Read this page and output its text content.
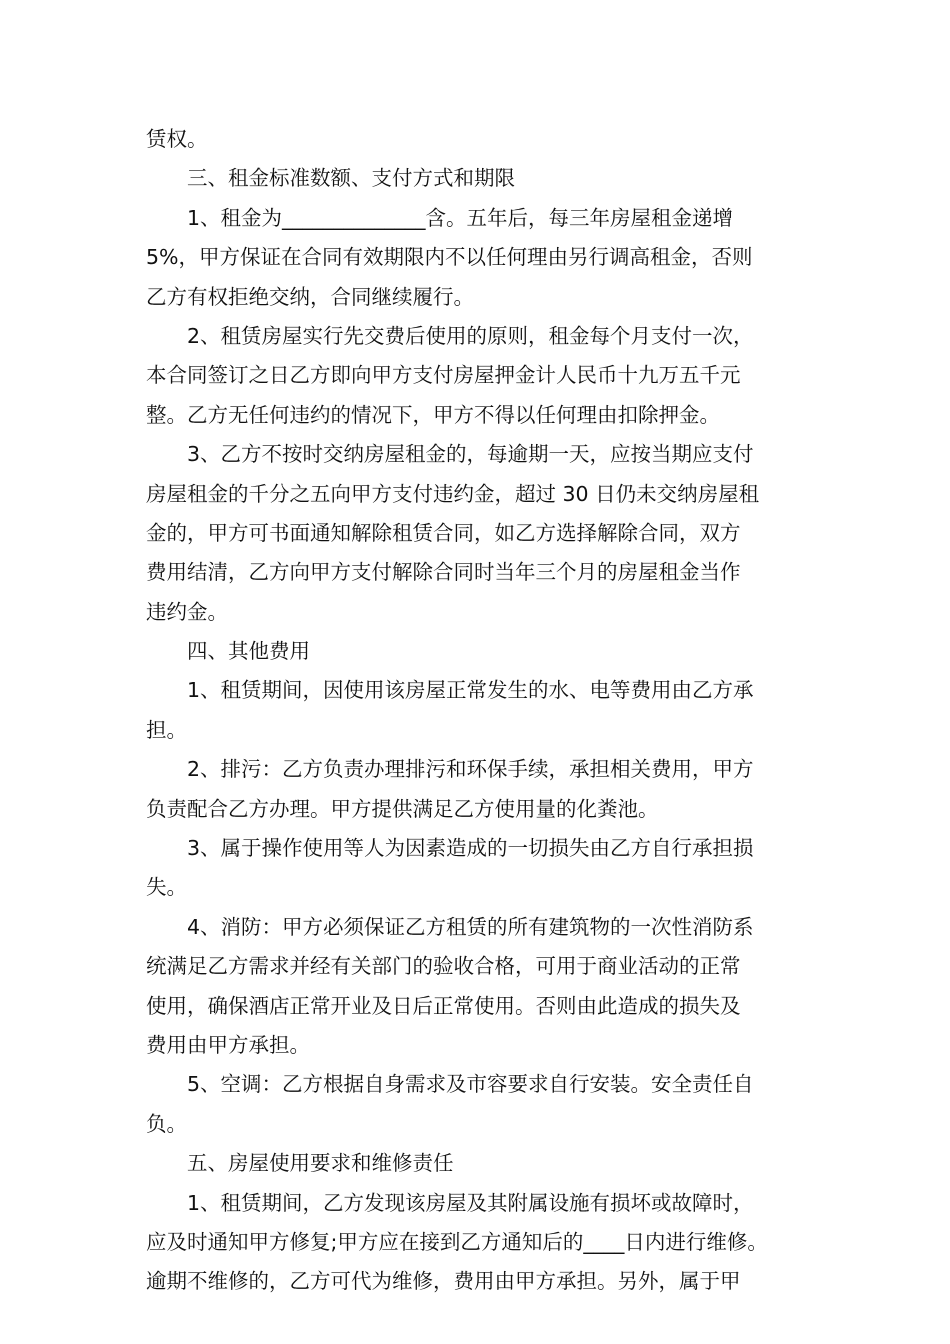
赁权。
三、租金标准数额、支付方式和期限
1、租金为______________含。五年后，每三年房屋租金递增
5%，甲方保证在合同有效期限内不以任何理由另行调高租金，否则
乙方有权拒绝交纳，合同继续履行。
2、租赁房屋实行先交费后使用的原则，租金每个月支付一次，
本合同签订之日乙方即向甲方支付房屋押金计人民币十九万五千元
整。乙方无任何违约的情况下，甲方不得以任何理由扣除押金。
3、乙方不按时交纳房屋租金的，每逾期一天，应按当期应支付
房屋租金的千分之五向甲方支付违约金，超过 30 日仍未交纳房屋租
金的，甲方可书面通知解除租赁合同，如乙方选择解除合同，双方
费用结清，乙方向甲方支付解除合同时当年三个月的房屋租金当作
违约金。
四、其他费用
1、租赁期间，因使用该房屋正常发生的水、电等费用由乙方承
担。
2、排污：乙方负责办理排污和环保手续，承担相关费用，甲方
负责配合乙方办理。甲方提供满足乙方使用量的化粪池。
3、属于操作使用等人为因素造成的一切损失由乙方自行承担损
失。
4、消防：甲方必须保证乙方租赁的所有建筑物的一次性消防系
统满足乙方需求并经有关部门的验收合格，可用于商业活动的正常
使用，确保酒店正常开业及日后正常使用。否则由此造成的损失及
费用由甲方承担。
5、空调：乙方根据自身需求及市容要求自行安装。安全责任自
负。
五、房屋使用要求和维修责任
1、租赁期间，乙方发现该房屋及其附属设施有损坏或故障时，
应及时通知甲方修复;甲方应在接到乙方通知后的____日内进行维修。
逾期不维修的，乙方可代为维修，费用由甲方承担。另外，属于甲
